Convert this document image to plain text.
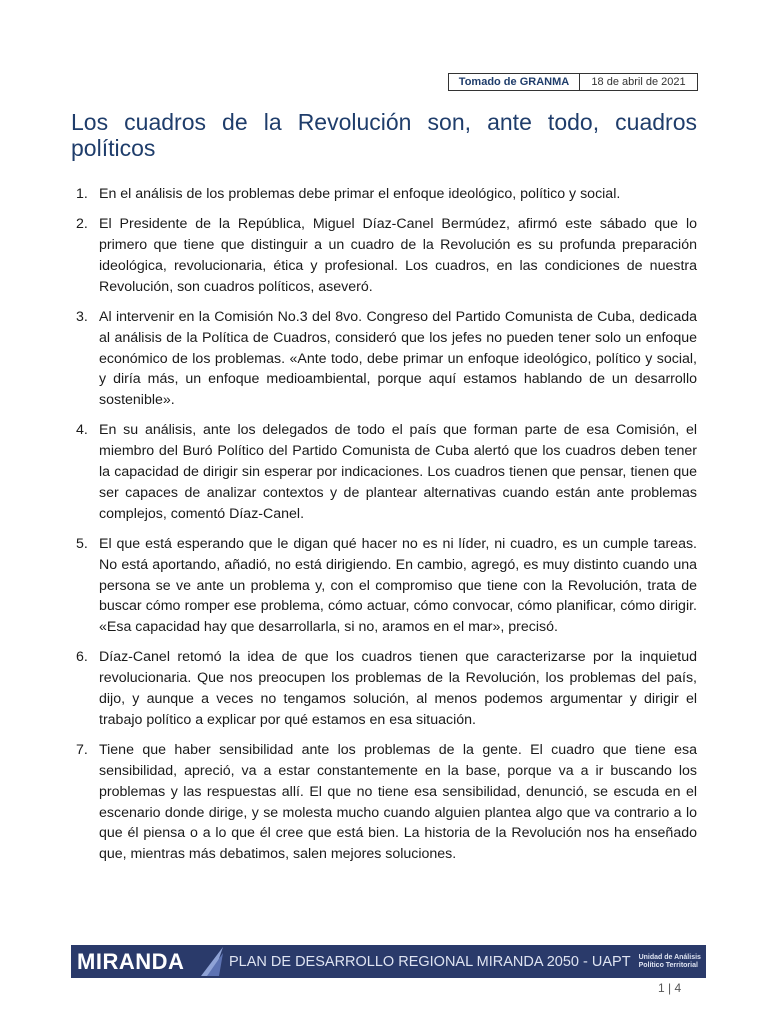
Tomado de GRANMA	18 de abril de 2021
Los cuadros de la Revolución son, ante todo, cuadros políticos
1. En el análisis de los problemas debe primar el enfoque ideológico, político y social.
2. El Presidente de la República, Miguel Díaz-Canel Bermúdez, afirmó este sábado que lo primero que tiene que distinguir a un cuadro de la Revolución es su profunda preparación ideológica, revolucionaria, ética y profesional. Los cuadros, en las condiciones de nuestra Revolución, son cuadros políticos, aseveró.
3. Al intervenir en la Comisión No.3 del 8vo. Congreso del Partido Comunista de Cuba, dedicada al análisis de la Política de Cuadros, consideró que los jefes no pueden tener solo un enfoque económico de los problemas. «Ante todo, debe primar un enfoque ideológico, político y social, y diría más, un enfoque medioambiental, porque aquí estamos hablando de un desarrollo sostenible».
4. En su análisis, ante los delegados de todo el país que forman parte de esa Comisión, el miembro del Buró Político del Partido Comunista de Cuba alertó que los cuadros deben tener la capacidad de dirigir sin esperar por indicaciones. Los cuadros tienen que pensar, tienen que ser capaces de analizar contextos y de plantear alternativas cuando están ante problemas complejos, comentó Díaz-Canel.
5. El que está esperando que le digan qué hacer no es ni líder, ni cuadro, es un cumple tareas. No está aportando, añadió, no está dirigiendo. En cambio, agregó, es muy distinto cuando una persona se ve ante un problema y, con el compromiso que tiene con la Revolución, trata de buscar cómo romper ese problema, cómo actuar, cómo convocar, cómo planificar, cómo dirigir. «Esa capacidad hay que desarrollarla, si no, aramos en el mar», precisó.
6. Díaz-Canel retomó la idea de que los cuadros tienen que caracterizarse por la inquietud revolucionaria. Que nos preocupen los problemas de la Revolución, los problemas del país, dijo, y aunque a veces no tengamos solución, al menos podemos argumentar y dirigir el trabajo político a explicar por qué estamos en esa situación.
7. Tiene que haber sensibilidad ante los problemas de la gente. El cuadro que tiene esa sensibilidad, apreció, va a estar constantemente en la base, porque va a ir buscando los problemas y las respuestas allí. El que no tiene esa sensibilidad, denunció, se escuda en el escenario donde dirige, y se molesta mucho cuando alguien plantea algo que va contrario a lo que él piensa o a lo que él cree que está bien. La historia de la Revolución nos ha enseñado que, mientras más debatimos, salen mejores soluciones.
MIRANDA	PLAN DE DESARROLLO REGIONAL MIRANDA 2050 - UAPT	Unidad de Análisis
Político Territorial
1 | 4
